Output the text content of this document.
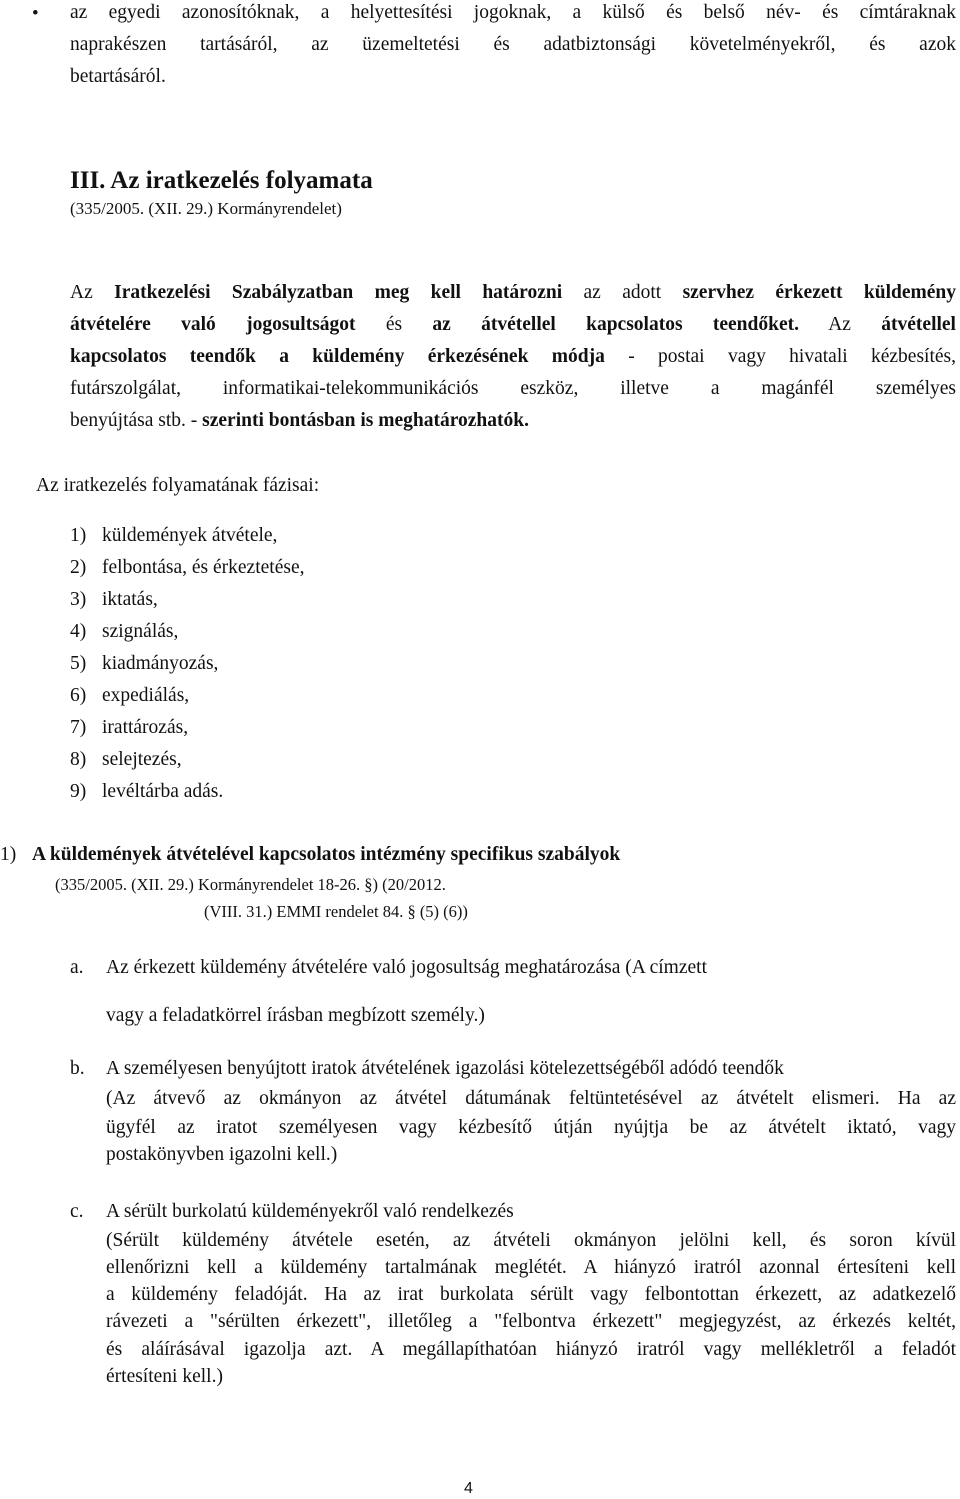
• az egyedi azonosítóknak, a helyettesítési jogoknak, a külső és belső név- és címtáraknak
naprakészen tartásáról, az üzemeltetési és adatbiztonsági követelményekről, és azok
betartásáról.
III. Az iratkezelés folyamata
(335/2005. (XII. 29.) Kormányrendelet)
Az Iratkezelési Szabályzatban meg kell határozni az adott szervhez érkezett küldemény
átvételére való jogosultságot és az átvétellel kapcsolatos teendőket. Az átvétellel
kapcsolatos teendők a küldemény érkezésének módja - postai vagy hivatali kézbesítés,
futárszolgálat, informatikai-telekommunikációs eszköz, illetve a magánfél személyes
benyújtása stb. - szerinti bontásban is meghatározhatók.
Az iratkezelés folyamatának fázisai:
1) küldemények átvétele,
2) felbontása, és érkeztetése,
3) iktatás,
4) szignálás,
5) kiadmányozás,
6) expediálás,
7) irattározás,
8) selejtezés,
9) levéltárba adás.
1) A küldemények átvételével kapcsolatos intézmény specifikus szabályok
(335/2005. (XII. 29.) Kormányrendelet 18-26. §) (20/2012.
(VIII. 31.) EMMI rendelet 84. § (5) (6))
a. Az érkezett küldemény átvételére való jogosultság meghatározása (A címzett
vagy a feladatkörrel írásban megbízott személy.)
b. A személyesen benyújtott iratok átvételének igazolási kötelezettségéből adódó teendők
(Az átvevő az okmányon az átvétel dátumának feltüntetésével az átvételt elismeri. Ha az
ügyfél az iratot személyesen vagy kézbesítő útján nyújtja be az átvételt iktató, vagy
postakönyvben igazolni kell.)
c. A sérült burkolatú küldeményekről való rendelkezés
(Sérült küldemény átvétele esetén, az átvételi okmányon jelölni kell, és soron kívül
ellenőrizni kell a küldemény tartalmának meglétét. A hiányzó iratról azonnal értesíteni kell
a küldemény feladóját. Ha az irat burkolata sérült vagy felbontottan érkezett, az adatkezelő
rávezeti a "sérülten érkezett", illetőleg a "felbontva érkezett" megjegyzést, az érkezés keltét,
és aláírásával igazolja azt. A megállapíthatóan hiányzó iratról vagy mellékletről a feladót
értesíteni kell.)
4
